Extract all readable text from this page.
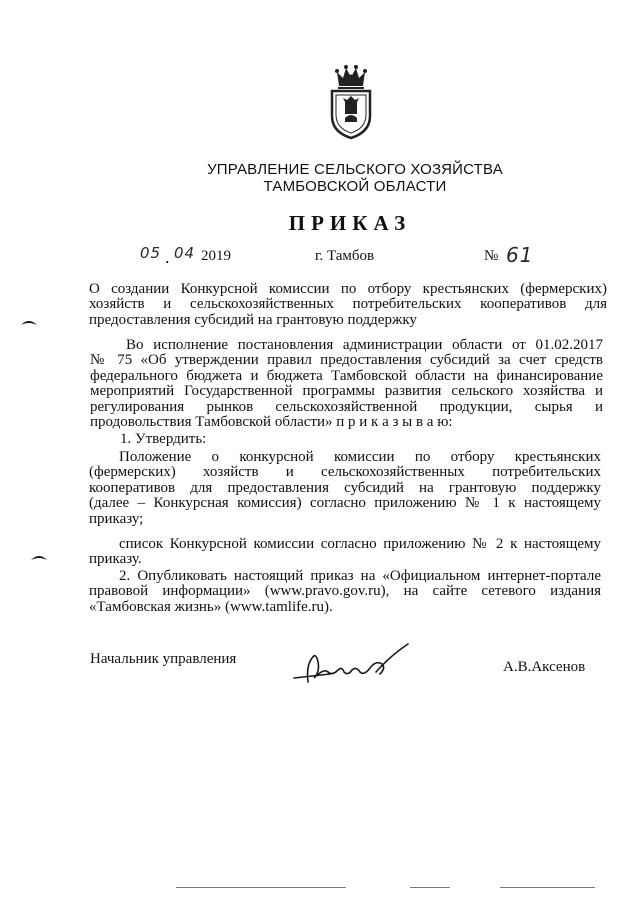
УПРАВЛЕНИЕ СЕЛЬСКОГО ХОЗЯЙСТВА
ТАМБОВСКОЙ ОБЛАСТИ
ПРИКАЗ
05 . 04 2019	г. Тамбов	№ 61
О создании Конкурсной комиссии по отбору крестьянских (фермерских)
хозяйств и сельскохозяйственных потребительских кооперативов для
предоставления субсидий на грантовую поддержку
Во исполнение постановления администрации области от 01.02.2017
№ 75 «Об утверждении правил предоставления субсидий за счет средств
федерального бюджета и бюджета Тамбовской области на финансирование
мероприятий Государственной программы развития сельского хозяйства и
регулирования рынков сельскохозяйственной продукции, сырья и
продовольствия Тамбовской области» п р и к а з ы в а ю:
1. Утвердить:
Положение о конкурсной комиссии по отбору крестьянских
(фермерских) хозяйств и сельскохозяйственных потребительских
кооперативов для предоставления субсидий на грантовую поддержку
(далее – Конкурсная комиссия) согласно приложению № 1 к настоящему
приказу;
список Конкурсной комиссии согласно приложению № 2 к настоящему
приказу.
2. Опубликовать настоящий приказ на «Официальном интернет-портале
правовой информации» (www.pravo.gov.ru), на сайте сетевого издания
«Тамбовская жизнь» (www.tamlife.ru).
Начальник управления	А.В.Аксенов
